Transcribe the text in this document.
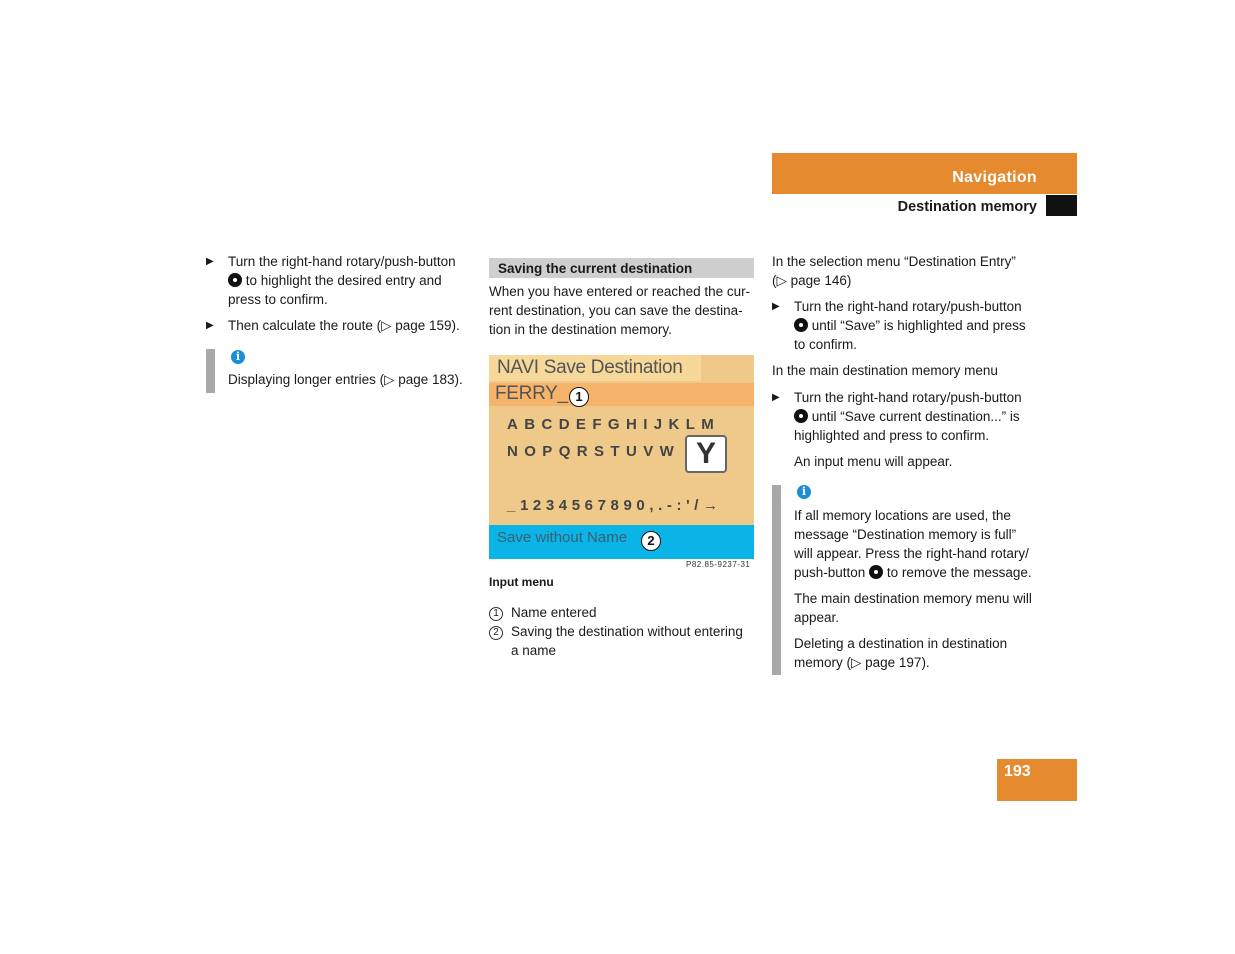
Navigation
Destination memory
▶ Turn the right-hand rotary/push-button
to highlight the desired entry and
press to confirm.
▶ Then calculate the route (▷ page 159).
i
Displaying longer entries (▷ page 183).
Saving the current destination
When you have entered or reached the cur-
rent destination, you can save the destina-
tion in the destination memory.
NAVI Save Destination
FERRY_ 1
ABCDEFGHIJKLM
NOPQRSTUVW Y
_1234567890,.-:'/→
Save without Name	2
P82.85-9237-31
Input menu
1 Name entered
2 Saving the destination without entering
a name
In the selection menu “Destination Entry”
(▷ page 146)
▶ Turn the right-hand rotary/push-button
until “Save” is highlighted and press
to confirm.
In the main destination memory menu
▶ Turn the right-hand rotary/push-button
until “Save current destination...” is
highlighted and press to confirm.
An input menu will appear.
i
If all memory locations are used, the
message “Destination memory is full”
will appear. Press the right-hand rotary/
push-button to remove the message.
The main destination memory menu will
appear.
Deleting a destination in destination
memory (▷ page 197).
193
